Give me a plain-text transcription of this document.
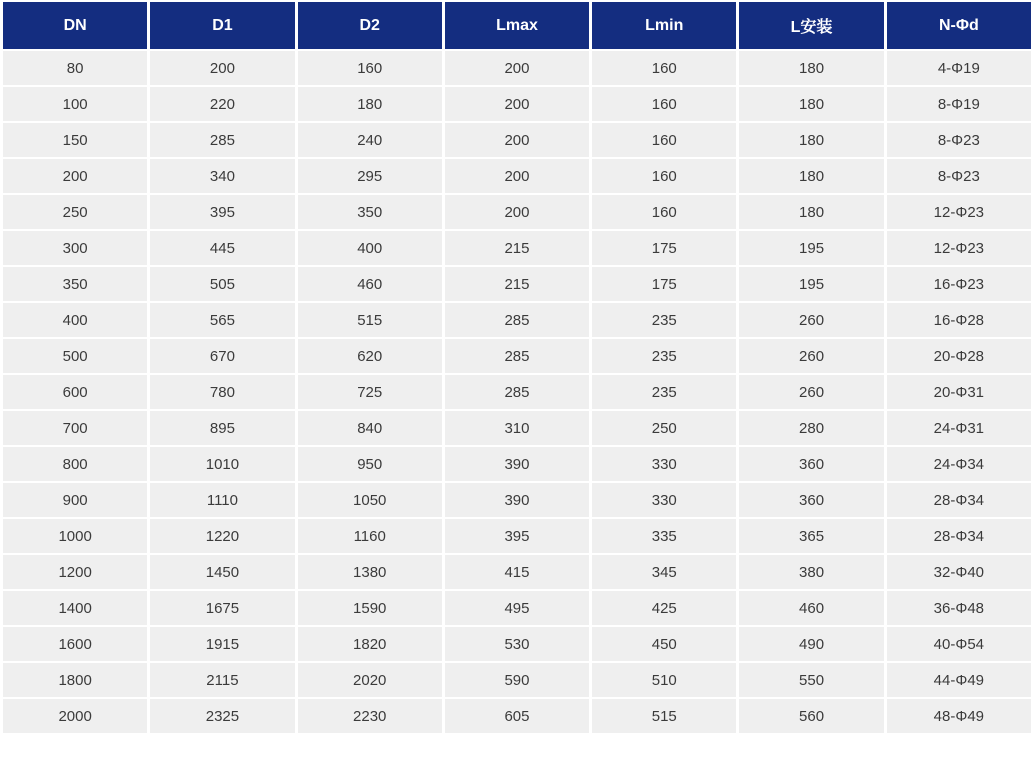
DN	D1	D2	Lmax	Lmin	L安装	N-Φd
80	200	160	200	160	180	4-Φ19
100	220	180	200	160	180	8-Φ19
150	285	240	200	160	180	8-Φ23
200	340	295	200	160	180	8-Φ23
250	395	350	200	160	180	12-Φ23
300	445	400	215	175	195	12-Φ23
350	505	460	215	175	195	16-Φ23
400	565	515	285	235	260	16-Φ28
500	670	620	285	235	260	20-Φ28
600	780	725	285	235	260	20-Φ31
700	895	840	310	250	280	24-Φ31
800	1010	950	390	330	360	24-Φ34
900	1110	1050	390	330	360	28-Φ34
1000	1220	1160	395	335	365	28-Φ34
1200	1450	1380	415	345	380	32-Φ40
1400	1675	1590	495	425	460	36-Φ48
1600	1915	1820	530	450	490	40-Φ54
1800	2115	2020	590	510	550	44-Φ49
2000	2325	2230	605	515	560	48-Φ49
